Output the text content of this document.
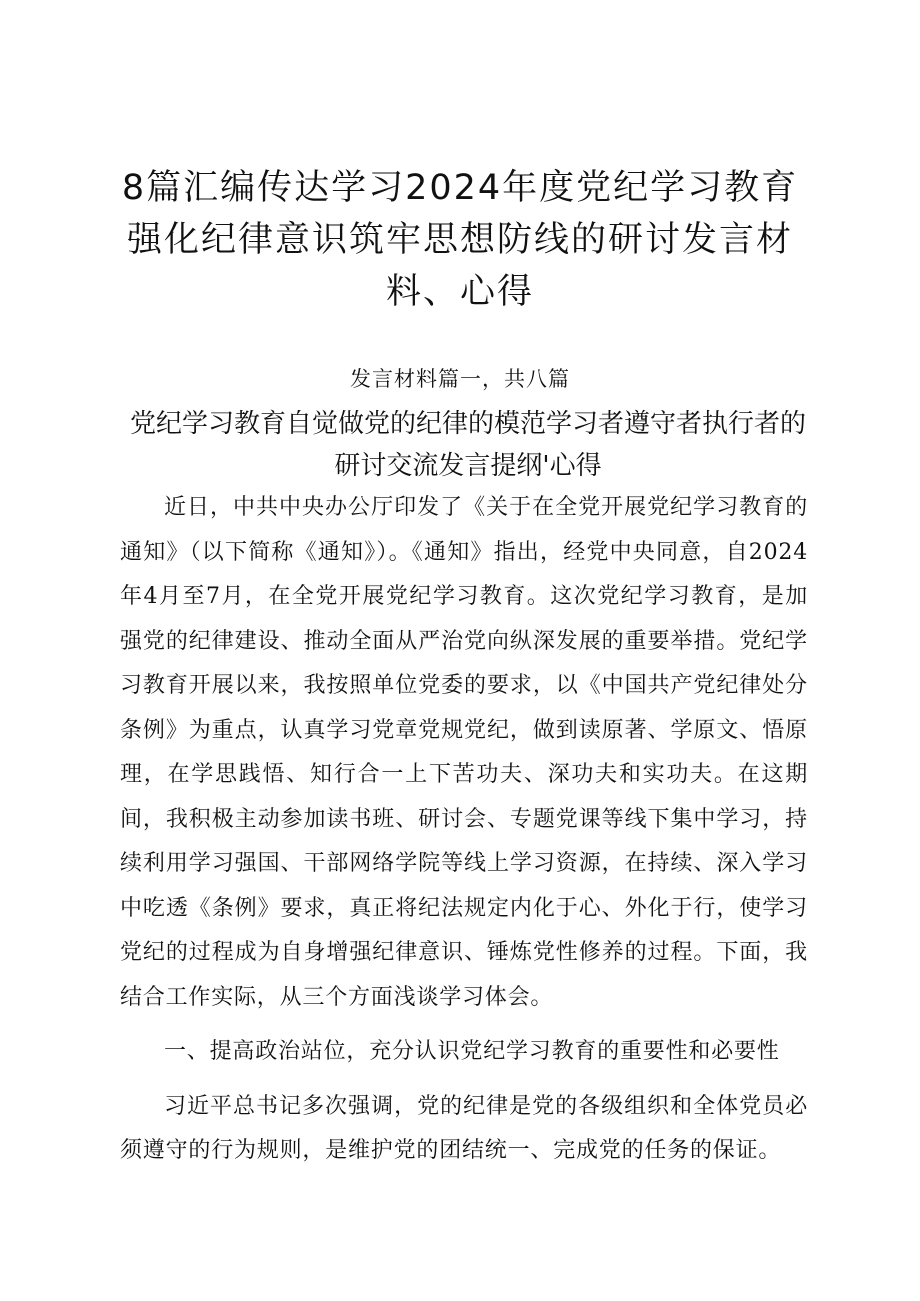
8篇汇编传达学习2024年度党纪学习教育强化纪律意识筑牢思想防线的研讨发言材料、心得
发言材料篇一，共八篇
党纪学习教育自觉做党的纪律的模范学习者遵守者执行者的研讨交流发言提纲'心得

近日，中共中央办公厅印发了《关于在全党开展党纪学习教育的通知》（以下简称《通知》）。《通知》指出，经党中央同意，自2024年4月至7月，在全党开展党纪学习教育。这次党纪学习教育，是加强党的纪律建设、推动全面从严治党向纵深发展的重要举措。党纪学习教育开展以来，我按照单位党委的要求，以《中国共产党纪律处分条例》为重点，认真学习党章党规党纪，做到读原著、学原文、悟原理，在学思践悟、知行合一上下苦功夫、深功夫和实功夫。在这期间，我积极主动参加读书班、研讨会、专题党课等线下集中学习，持续利用学习强国、干部网络学院等线上学习资源，在持续、深入学习中吃透《条例》要求，真正将纪法规定内化于心、外化于行，使学习党纪的过程成为自身增强纪律意识、锤炼党性修养的过程。下面，我结合工作实际，从三个方面浅谈学习体会。

一、提高政治站位，充分认识党纪学习教育的重要性和必要性

习近平总书记多次强调，党的纪律是党的各级组织和全体党员必须遵守的行为规则，是维护党的团结统一、完成党的任务的保证。
